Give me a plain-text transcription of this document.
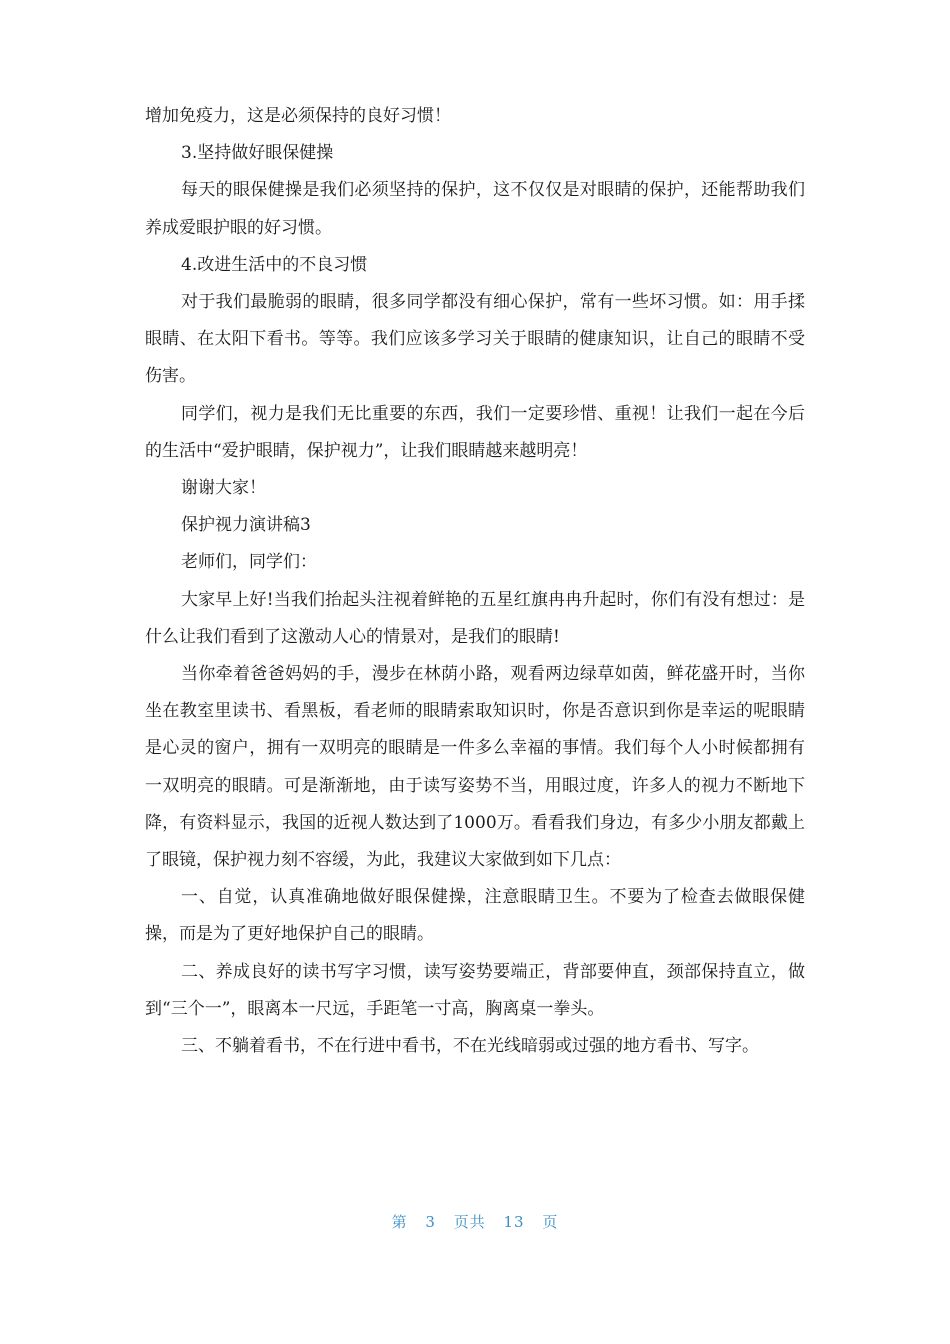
增加免疫力，这是必须保持的良好习惯！

3.坚持做好眼保健操

每天的眼保健操是我们必须坚持的保护，这不仅仅是对眼睛的保护，还能帮助我们养成爱眼护眼的好习惯。

4.改进生活中的不良习惯

对于我们最脆弱的眼睛，很多同学都没有细心保护，常有一些坏习惯。如：用手揉眼睛、在太阳下看书。等等。我们应该多学习关于眼睛的健康知识，让自己的眼睛不受伤害。

同学们，视力是我们无比重要的东西，我们一定要珍惜、重视！让我们一起在今后的生活中“爱护眼睛，保护视力”，让我们眼睛越来越明亮！

谢谢大家！

保护视力演讲稿3

老师们，同学们：

大家早上好!当我们抬起头注视着鲜艳的五星红旗冉冉升起时，你们有没有想过：是什么让我们看到了这激动人心的情景对，是我们的眼睛!

当你牵着爸爸妈妈的手，漫步在林荫小路，观看两边绿草如茵，鲜花盛开时，当你坐在教室里读书、看黑板，看老师的眼睛索取知识时，你是否意识到你是幸运的呢眼睛是心灵的窗户，拥有一双明亮的眼睛是一件多么幸福的事情。我们每个人小时候都拥有一双明亮的眼睛。可是渐渐地，由于读写姿势不当，用眼过度，许多人的视力不断地下降，有资料显示，我国的近视人数达到了1000万。看看我们身边，有多少小朋友都戴上了眼镜，保护视力刻不容缓，为此，我建议大家做到如下几点：

一、自觉，认真准确地做好眼保健操，注意眼睛卫生。不要为了检查去做眼保健操，而是为了更好地保护自己的眼睛。

二、养成良好的读书写字习惯，读写姿势要端正，背部要伸直，颈部保持直立，做到“三个一”，眼离本一尺远，手距笔一寸高，胸离桌一拳头。

三、不躺着看书，不在行进中看书，不在光线暗弱或过强的地方看书、写字。

第 3 页共 13 页
